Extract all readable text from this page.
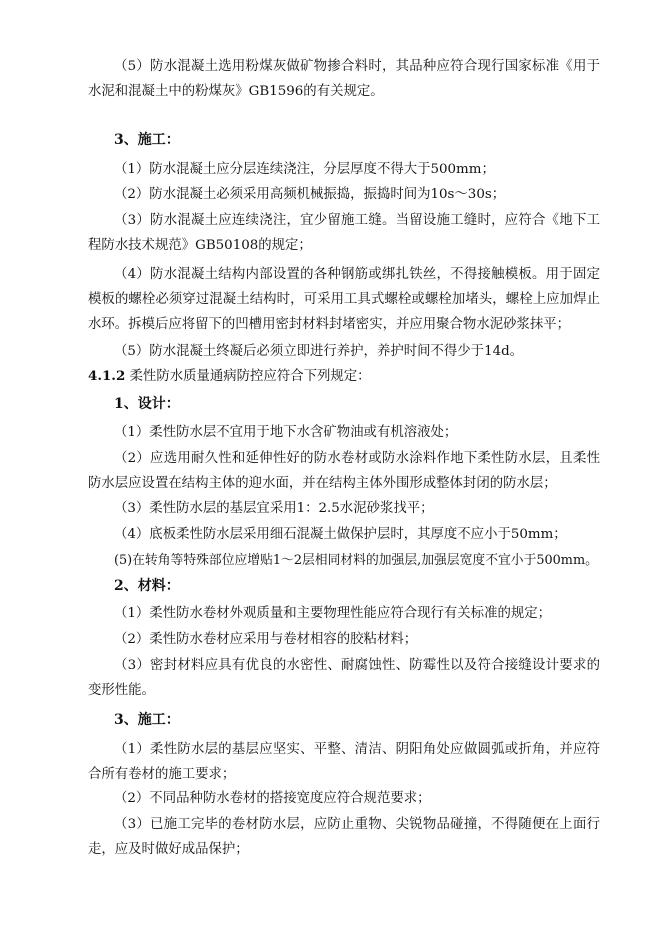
（5）防水混凝土选用粉煤灰做矿物掺合料时，其品种应符合现行国家标准《用于水泥和混凝土中的粉煤灰》GB1596的有关规定。

3、施工：

（1）防水混凝土应分层连续浇注，分层厚度不得大于500mm；

（2）防水混凝土必须采用高频机械振捣，振捣时间为10s～30s；

（3）防水混凝土应连续浇注，宜少留施工缝。当留设施工缝时，应符合《地下工程防水技术规范》GB50108的规定；

（4）防水混凝土结构内部设置的各种钢筋或绑扎铁丝，不得接触模板。用于固定模板的螺栓必须穿过混凝土结构时，可采用工具式螺栓或螺栓加堵头，螺栓上应加焊止水环。拆模后应将留下的凹槽用密封材料封堵密实，并应用聚合物水泥砂浆抹平；

（5）防水混凝土终凝后必须立即进行养护，养护时间不得少于14d。

4.1.2 柔性防水质量通病防控应符合下列规定：
1、设计：

（1）柔性防水层不宜用于地下水含矿物油或有机溶液处；

（2）应选用耐久性和延伸性好的防水卷材或防水涂料作地下柔性防水层，且柔性防水层应设置在结构主体的迎水面，并在结构主体外围形成整体封闭的防水层；

（3）柔性防水层的基层宜采用1：2.5水泥砂浆找平；

（4）底板柔性防水层采用细石混凝土做保护层时，其厚度不应小于50mm；

(5)在转角等特殊部位应增贴1～2层相同材料的加强层,加强层宽度不宜小于500mm。

2、材料：

（1）柔性防水卷材外观质量和主要物理性能应符合现行有关标准的规定；

（2）柔性防水卷材应采用与卷材相容的胶粘材料；

（3）密封材料应具有优良的水密性、耐腐蚀性、防霉性以及符合接缝设计要求的变形性能。

3、施工：

（1）柔性防水层的基层应坚实、平整、清洁、阴阳角处应做圆弧或折角，并应符合所有卷材的施工要求；

（2）不同品种防水卷材的搭接宽度应符合规范要求；

（3）已施工完毕的卷材防水层，应防止重物、尖锐物品碰撞，不得随便在上面行走，应及时做好成品保护；
